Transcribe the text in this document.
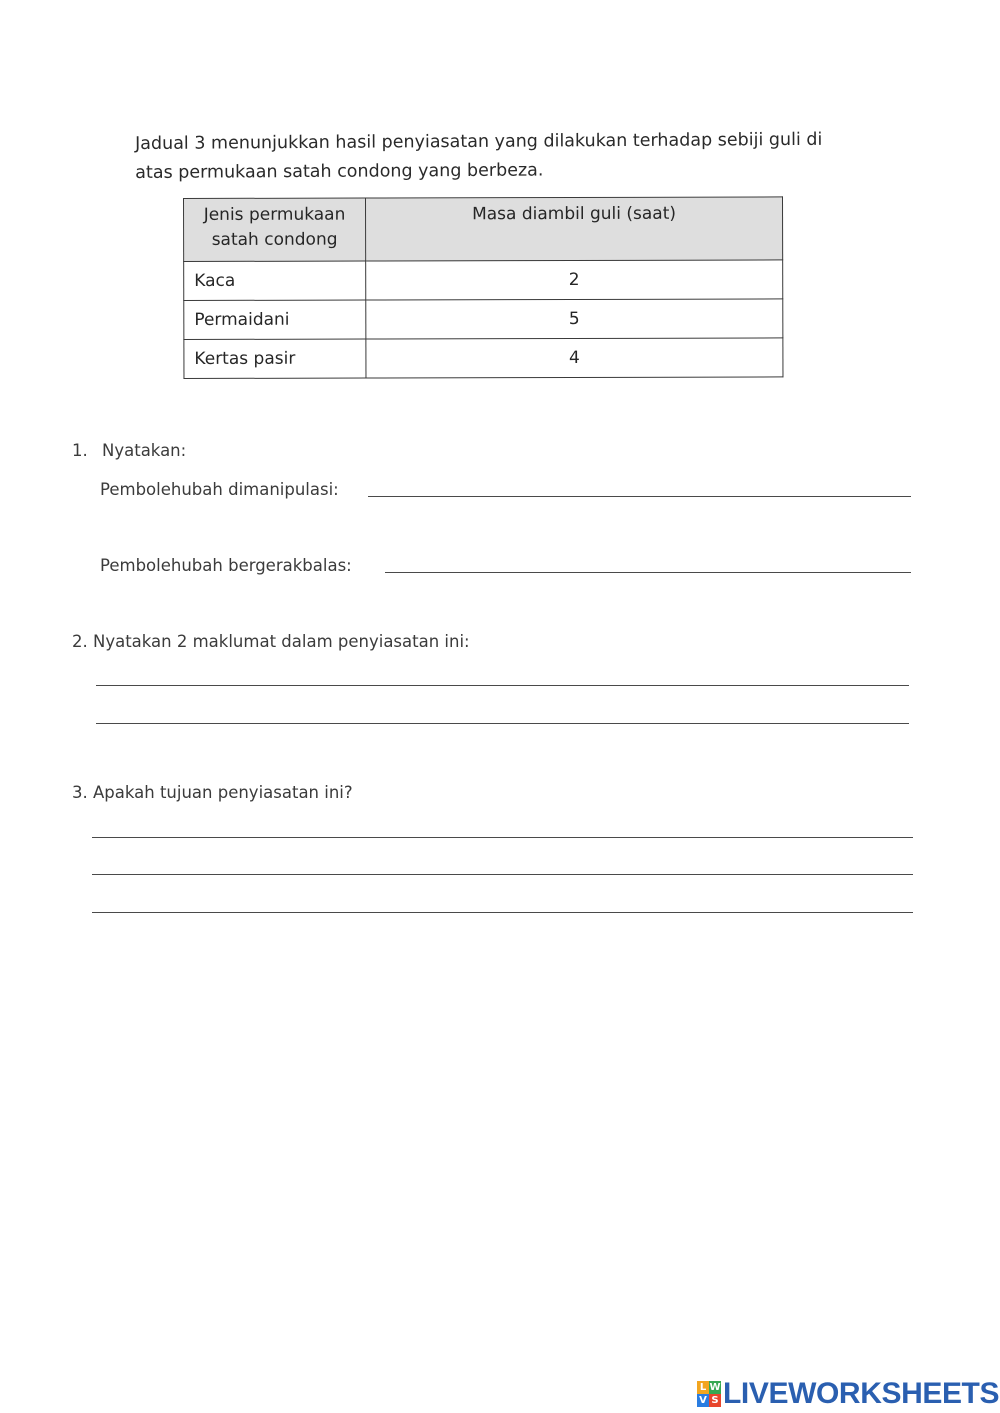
Jadual 3 menunjukkan hasil penyiasatan yang dilakukan terhadap sebiji guli di
atas permukaan satah condong yang berbeza.
Jenis permukaan
satah condong	Masa diambil guli (saat)

Kaca	2
Permaidani	5
Kertas pasir	4
1. Nyatakan:
Pembolehubah dimanipulasi:
Pembolehubah bergerakbalas:
2. Nyatakan 2 maklumat dalam penyiasatan ini:
3. Apakah tujuan penyiasatan ini?
L W
V S LIVEWORKSHEETS
